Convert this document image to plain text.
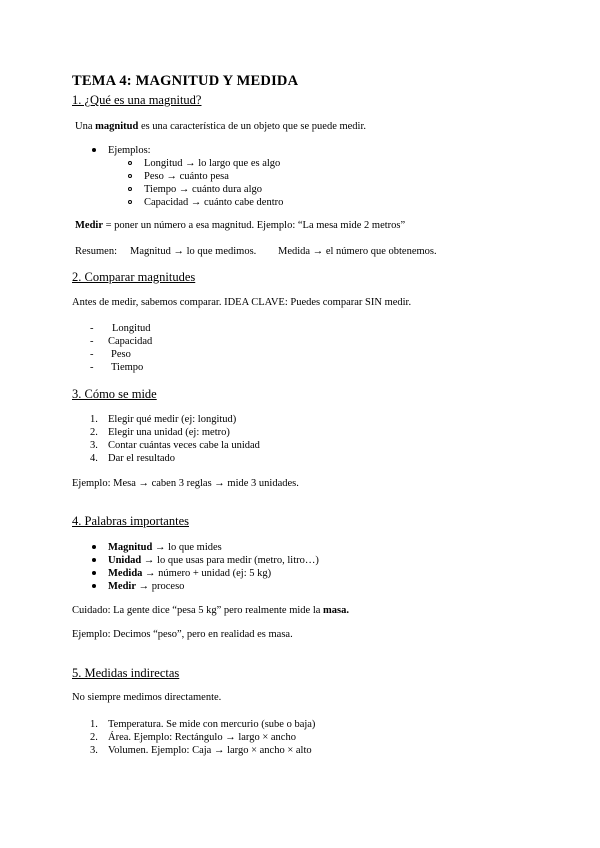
TEMA 4: MAGNITUD Y MEDIDA
1. ¿Qué es una magnitud?
Una magnitud es una característica de un objeto que se puede medir.
Ejemplos:
Longitud → lo largo que es algo
Peso → cuánto pesa
Tiempo → cuánto dura algo
Capacidad → cuánto cabe dentro
Medir = poner un número a esa magnitud. Ejemplo: “La mesa mide 2 metros”
Resumen: Magnitud → lo que medimos. Medida → el número que obtenemos.
2. Comparar magnitudes
Antes de medir, sabemos comparar. IDEA CLAVE: Puedes comparar SIN medir.
- Longitud
- Capacidad
- Peso
- Tiempo
3. Cómo se mide
1. Elegir qué medir (ej: longitud)
2. Elegir una unidad (ej: metro)
3. Contar cuántas veces cabe la unidad
4. Dar el resultado
Ejemplo: Mesa → caben 3 reglas → mide 3 unidades.
4. Palabras importantes
Magnitud → lo que mides
Unidad → lo que usas para medir (metro, litro…)
Medida → número + unidad (ej: 5 kg)
Medir → proceso
Cuidado: La gente dice “pesa 5 kg” pero realmente mide la masa.
Ejemplo: Decimos “peso”, pero en realidad es masa.
5. Medidas indirectas
No siempre medimos directamente.
1. Temperatura. Se mide con mercurio (sube o baja)
2. Área. Ejemplo: Rectángulo → largo × ancho
3. Volumen. Ejemplo: Caja → largo × ancho × alto
